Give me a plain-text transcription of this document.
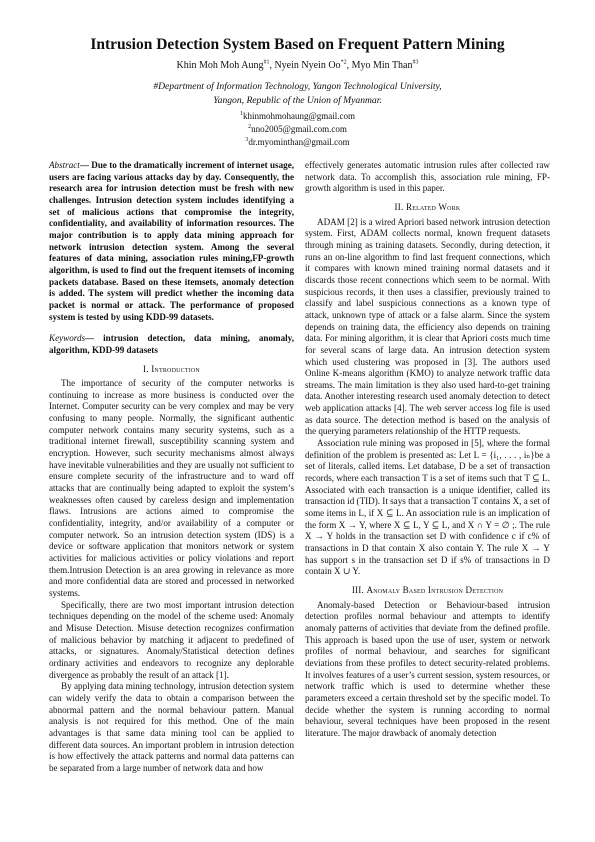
Intrusion Detection System Based on Frequent Pattern Mining
Khin Moh Moh Aung$^{\#1}$, Nyein Nyein Oo$^{*2}$, Myo Min Than$^{\#3}$
#Department of Information Technology, Yangon Technological University,
Yangon, Republic of the Union of Myanmar.
$^1$khinmohmohaung@gmail.com
$^2$nno2005@gmail.com.com
$^3$dr.myominthan@gmail.com

Abstract— Due to the dramatically increment of internet usage, users are facing various attacks day by day. Consequently, the research area for intrusion detection must be fresh with new challenges. Intrusion detection system includes identifying a set of malicious actions that compromise the integrity, confidentiality, and availability of information resources. The major contribution is to apply data mining approach for network intrusion detection system. Among the several features of data mining, association rules mining,FP-growth algorithm, is used to find out the frequent itemsets of incoming packets database. Based on these itemsets, anomaly detection is added. The system will predict whether the incoming data packet is normal or attack. The performance of proposed system is tested by using KDD-99 datasets.

Keywords— intrusion detection, data mining, anomaly, algorithm, KDD-99 datasets

I. Introduction

The importance of security of the computer networks is continuing to increase as more business is conducted over the Internet. Computer security can be very complex and may be very confusing to many people. Normally, the significant authentic computer network contains many security systems, such as a traditional internet firewall, susceptibility scanning system and encryption. However, such security mechanisms almost always have inevitable vulnerabilities and they are usually not sufficient to ensure complete security of the infrastructure and to ward off attacks that are continually being adapted to exploit the system’s weaknesses often caused by careless design and implementation flaws. Intrusions are actions aimed to compromise the confidentiality, integrity, and/or availability of a computer or computer network. So an intrusion detection system (IDS) is a device or software application that monitors network or system activities for malicious activities or policy violations and report them.Intrusion Detection is an area growing in relevance as more and more confidential data are stored and processed in networked systems.

Specifically, there are two most important intrusion detection techniques depending on the model of the scheme used: Anomaly and Misuse Detection. Misuse detection recognizes confirmation of malicious behavior by matching it adjacent to predefined of attacks, or signatures. Anomaly/Statistical detection defines ordinary activities and endeavors to recognize any deplorable divergence as probably the result of an attack [1].

By applying data mining technology, intrusion detection system can widely verify the data to obtain a comparison between the abnormal pattern and the normal behaviour pattern. Manual analysis is not required for this method. One of the main advantages is that same data mining tool can be applied to different data sources. An important problem in intrusion detection is how effectively the attack patterns and normal data patterns can be separated from a large number of network data and how

effectively generates automatic intrusion rules after collected raw network data. To accomplish this, association rule mining, FP-growth algorithm is used in this paper.

II. Related Work

ADAM [2] is a wired Apriori based network intrusion detection system. First, ADAM collects normal, known frequent datasets through mining as training datasets. Secondly, during detection, it runs an on-line algorithm to find last frequent connections, which it compares with known mined training normal datasets and it discards those recent connections which seem to be normal. With suspicious records, it then uses a classifier, previously trained to classify and label suspicious connections as a known type of attack, unknown type of attack or a false alarm. Since the system depends on training data, the efficiency also depends on training data. For mining algorithm, it is clear that Apriori costs much time for several scans of large data. An intrusion detection system which used clustering was proposed in [3]. The authors used Online K-means algorithm (KMO) to analyze network traffic data streams. The main limitation is they also used hard-to-get training data. Another interesting research used anomaly detection to detect web application attacks [4]. The web server access log file is used as data source. The detection method is based on the analysis of the querying parameters relationship of the HTTP requests.

Association rule mining was proposed in [5], where the formal definition of the problem is presented as: Let L = {i₁, . . . , iₙ}be a set of literals, called items. Let database, D be a set of transaction records, where each transaction T is a set of items such that T ⊆ L. Associated with each transaction is a unique identifier, called its transaction id (TID). It says that a transaction T contains X, a set of some items in L, if X ⊆ L. An association rule is an implication of the form X → Y, where X ⊆ L, Y ⊆ L, and X ∩ Y = ∅ ;. The rule X → Y holds in the transaction set D with confidence c if c% of transactions in D that contain X also contain Y. The rule X → Y has support s in the transaction set D if s% of transactions in D contain X ∪ Y.

III. Anomaly Based Intrusion Detection

Anomaly-based Detection or Behaviour-based intrusion detection profiles normal behaviour and attempts to identify anomaly patterns of activities that deviate from the defined profile. This approach is based upon the use of user, system or network profiles of normal behaviour, and searches for significant deviations from these profiles to detect security-related problems. It involves features of a user’s current session, system resources, or network traffic which is used to determine whether these parameters exceed a certain threshold set by the specific model. To decide whether the system is running according to normal behaviour, several techniques have been proposed in the resent literature. The major drawback of anomaly detection
